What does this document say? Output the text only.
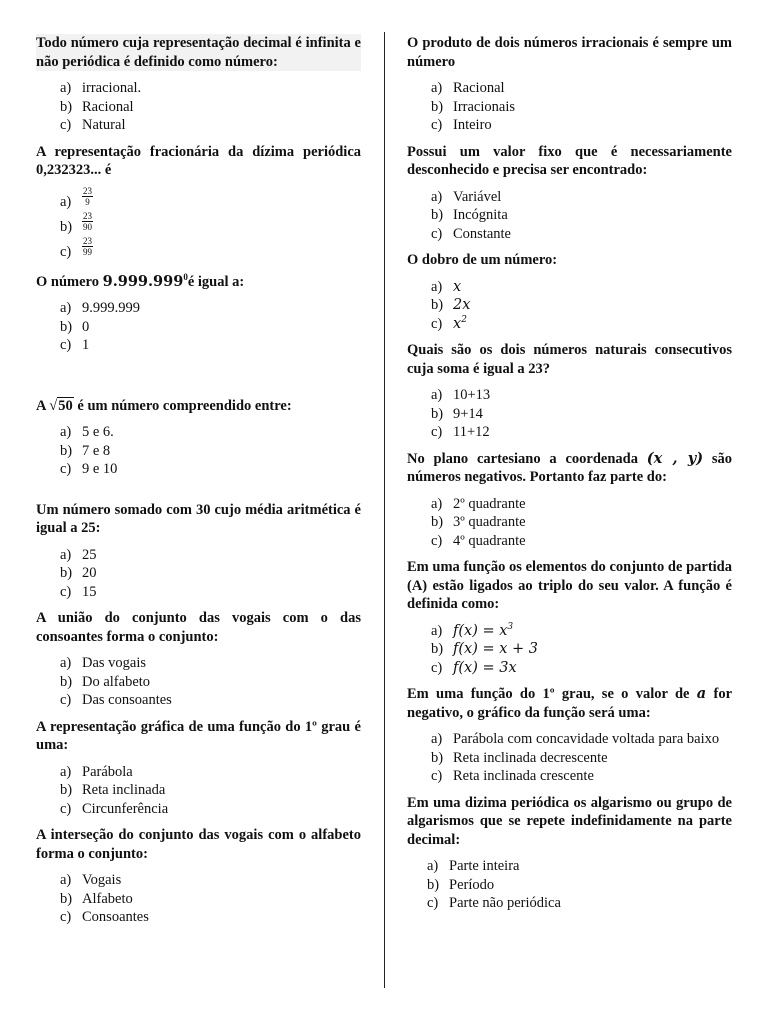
Todo número cuja representação decimal é infinita e não periódica é definido como número:
a) irracional.
b) Racional
c) Natural
A representação fracionária da dízima periódica 0,232323... é
a)	$\frac{23}{9}$
b)	$\frac{23}{90}$
c)	$\frac{23}{99}$
O número 9.999.999$^0$é igual a:
a) 9.999.999
b) 0
c) 1
A √50 é um número compreendido entre:
a) 5 e 6.
b) 7 e 8
c) 9 e 10
Um número somado com 30 cujo média aritmética é igual a 25:
a) 25
b) 20
c) 15
A união do conjunto das vogais com o das consoantes forma o conjunto:
a) Das vogais
b) Do alfabeto
c) Das consoantes
A representação gráfica de uma função do 1º grau é uma:
a) Parábola
b) Reta inclinada
c) Circunferência
A interseção do conjunto das vogais com o alfabeto forma o conjunto:
a) Vogais
b) Alfabeto
c) Consoantes
O produto de dois números irracionais é sempre um número
a) Racional
b) Irracionais
c) Inteiro
Possui um valor fixo que é necessariamente desconhecido e precisa ser encontrado:
a) Variável
b) Incógnita
c) Constante
O dobro de um número:
a) x
b) 2x
c) $x^2$
Quais são os dois números naturais consecutivos cuja soma é igual a 23?
a) 10+13
b) 9+14
c) 11+12
No plano cartesiano a coordenada (x , y) são números negativos. Portanto faz parte do:
a) 2º quadrante
b) 3º quadrante
c) 4º quadrante
Em uma função os elementos do conjunto de partida (A) estão ligados ao triplo do seu valor. A função é definida como:
a) $f(x) = x^3$
b) f(x) = x + 3
c) f(x) = 3x
Em uma função do 1º grau, se o valor de a for negativo, o gráfico da função será uma:
a) Parábola com concavidade voltada para baixo
b) Reta inclinada decrescente
c) Reta inclinada crescente
Em uma dizima periódica os algarismo ou grupo de algarismos que se repete indefinidamente na parte decimal:
a) Parte inteira
b) Período
c) Parte não periódica
